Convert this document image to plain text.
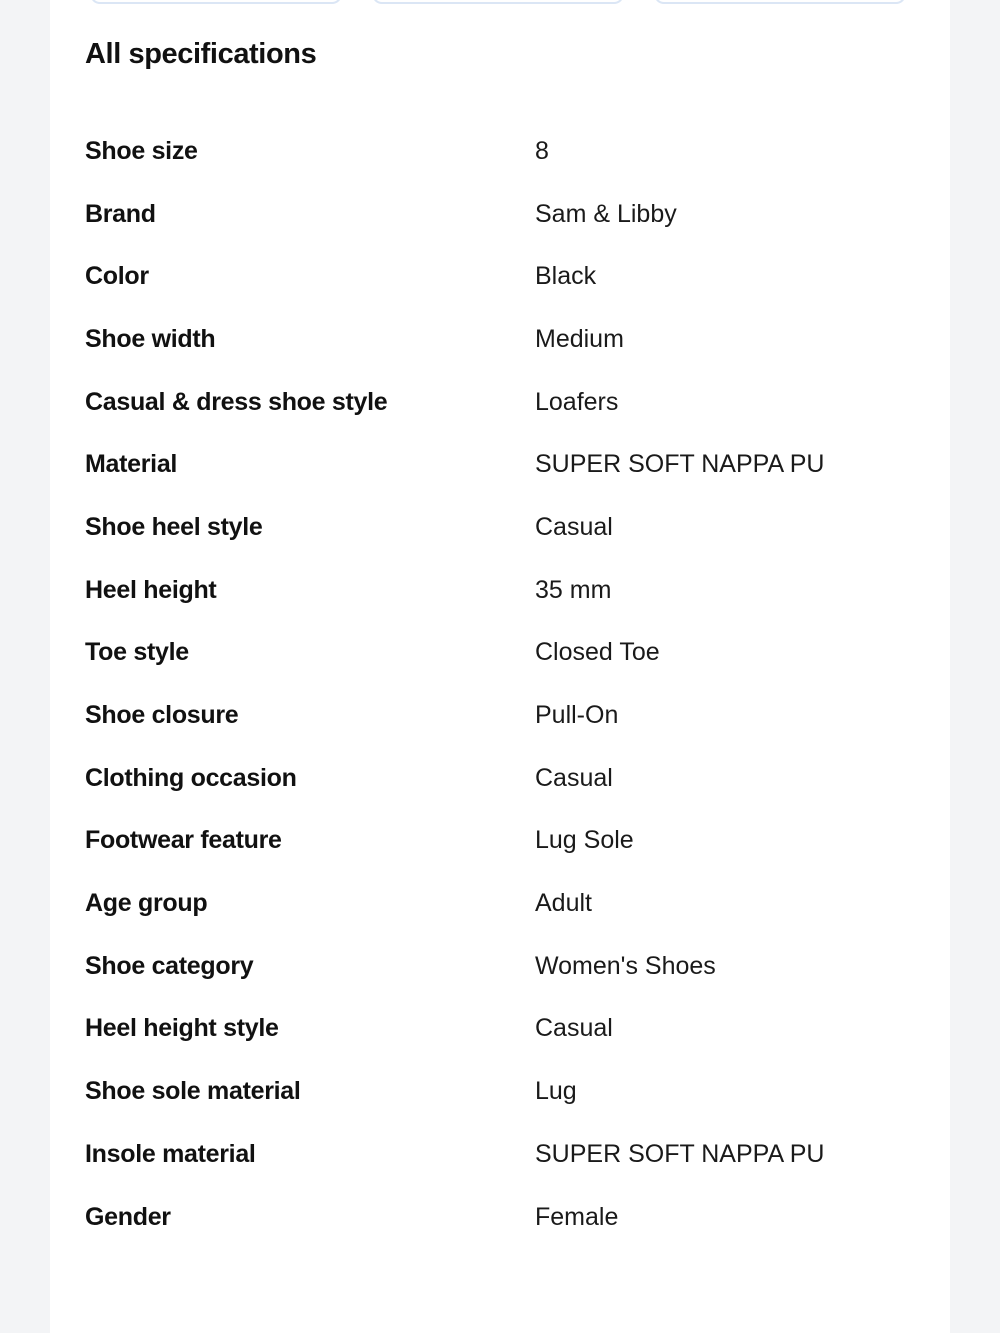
All specifications
Shoe size	8
Brand	Sam & Libby
Color	Black
Shoe width	Medium
Casual & dress shoe style	Loafers
Material	SUPER SOFT NAPPA PU
Shoe heel style	Casual
Heel height	35 mm
Toe style	Closed Toe
Shoe closure	Pull-On
Clothing occasion	Casual
Footwear feature	Lug Sole
Age group	Adult
Shoe category	Women's Shoes
Heel height style	Casual
Shoe sole material	Lug
Insole material	SUPER SOFT NAPPA PU
Gender	Female
